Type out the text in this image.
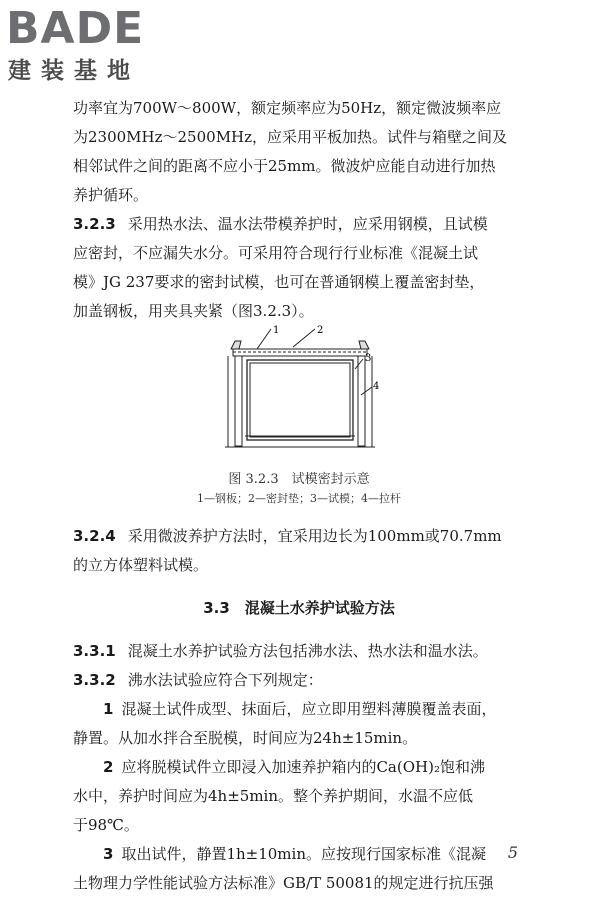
BADE
建装基地

功率宜为700W～800W，额定频率应为50Hz，额定微波频率应
为2300MHz～2500MHz，应采用平板加热。试件与箱壁之间及
相邻试件之间的距离不应小于25mm。微波炉应能自动进行加热
养护循环。

3.2.3 采用热水法、温水法带模养护时，应采用钢模，且试模
应密封，不应漏失水分。可采用符合现行行业标准《混凝土试
模》JG 237要求的密封试模，也可在普通钢模上覆盖密封垫，
加盖钢板，用夹具夹紧（图3.2.3）。

1	2
3
4
图 3.2.3　试模密封示意
1—钢板；2—密封垫；3—试模；4—拉杆

3.2.4 采用微波养护方法时，宜采用边长为100mm或70.7mm
的立方体塑料试模。

3.3　混凝土水养护试验方法

3.3.1 混凝土水养护试验方法包括沸水法、热水法和温水法。

3.3.2 沸水法试验应符合下列规定：

1 混凝土试件成型、抹面后，应立即用塑料薄膜覆盖表面，
静置。从加水拌合至脱模，时间应为24h±15min。

2 应将脱模试件立即浸入加速养护箱内的Ca(OH)₂饱和沸
水中，养护时间应为4h±5min。整个养护期间，水温不应低
于98℃。

3 取出试件，静置1h±10min。应按现行国家标准《混凝
土物理力学性能试验方法标准》GB/T 50081的规定进行抗压强

5
